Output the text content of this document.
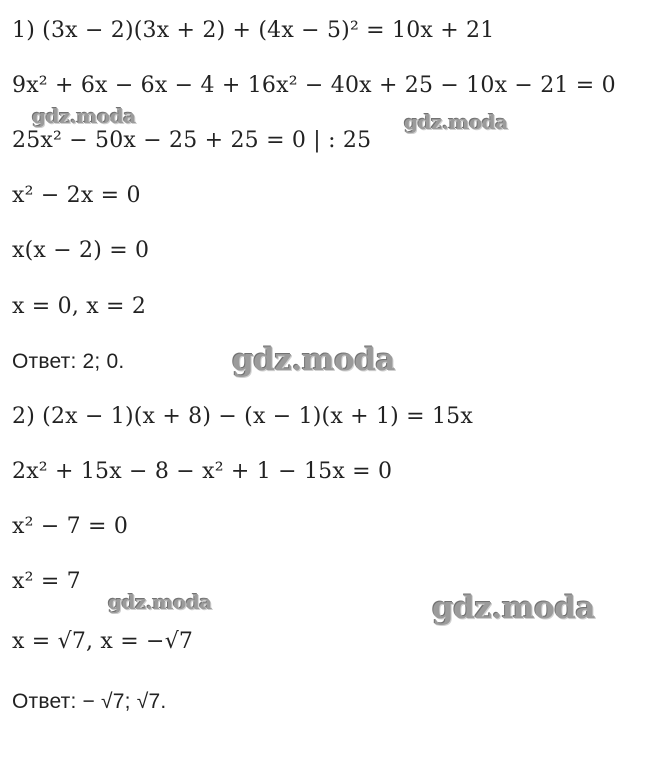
1) (3x − 2)(3x + 2) + (4x − 5)² = 10x + 21
9x² + 6x − 6x − 4 + 16x² − 40x + 25 − 10x − 21 = 0
25x² − 50x − 25 + 25 = 0 | : 25
x² − 2x = 0
x(x − 2) = 0
x = 0, x = 2
Ответ: 2; 0.
2) (2x − 1)(x + 8) − (x − 1)(x + 1) = 15x
2x² + 15x − 8 − x² + 1 − 15x = 0
x² − 7 = 0
x² = 7
x = √7, x = −√7
Ответ: − √7; √7.
gdz.moda	gdz.moda
gdz.moda
gdz.moda	gdz.moda
